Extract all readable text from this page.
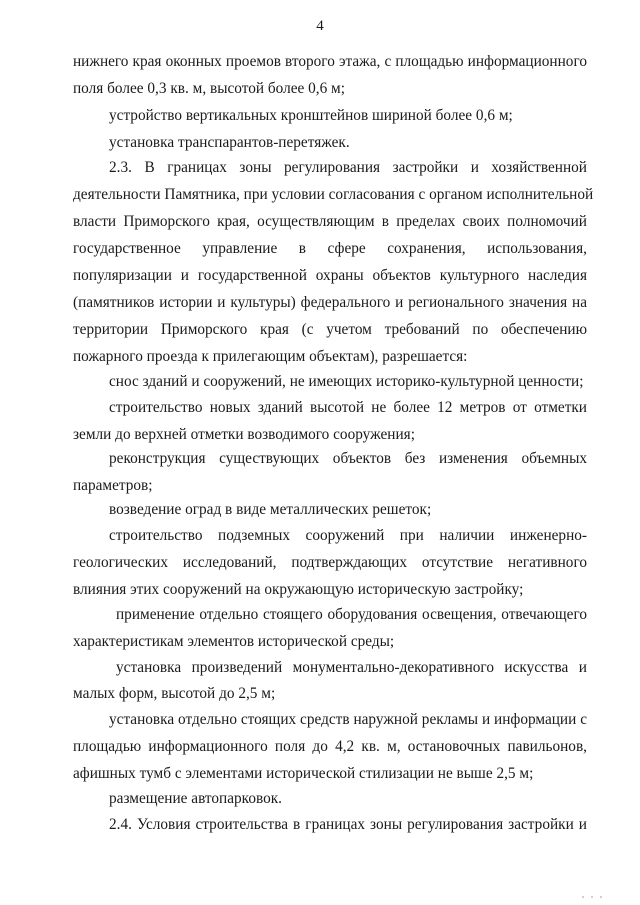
4
нижнего края оконных проемов второго этажа, с площадью информационного
поля более 0,3 кв. м, высотой более 0,6 м;
устройство вертикальных кронштейнов шириной более 0,6 м;
установка транспарантов-перетяжек.
2.3. В границах зоны регулирования застройки и хозяйственной
деятельности Памятника, при условии согласования с органом исполнительной
власти Приморского края, осуществляющим в пределах своих полномочий
государственное управление в сфере сохранения, использования,
популяризации и государственной охраны объектов культурного наследия
(памятников истории и культуры) федерального и регионального значения на
территории Приморского края (с учетом требований по обеспечению
пожарного проезда к прилегающим объектам), разрешается:
снос зданий и сооружений, не имеющих историко-культурной ценности;
строительство новых зданий высотой не более 12 метров от отметки
земли до верхней отметки возводимого сооружения;
реконструкция существующих объектов без изменения объемных
параметров;
возведение оград в виде металлических решеток;
строительство подземных сооружений при наличии инженерно-
геологических исследований, подтверждающих отсутствие негативного
влияния этих сооружений на окружающую историческую застройку;
применение отдельно стоящего оборудования освещения, отвечающего
характеристикам элементов исторической среды;
установка произведений монументально-декоративного искусства и
малых форм, высотой до 2,5 м;
установка отдельно стоящих средств наружной рекламы и информации с
площадью информационного поля до 4,2 кв. м, остановочных павильонов,
афишных тумб с элементами исторической стилизации не выше 2,5 м;
размещение автопарковок.
2.4. Условия строительства в границах зоны регулирования застройки и
